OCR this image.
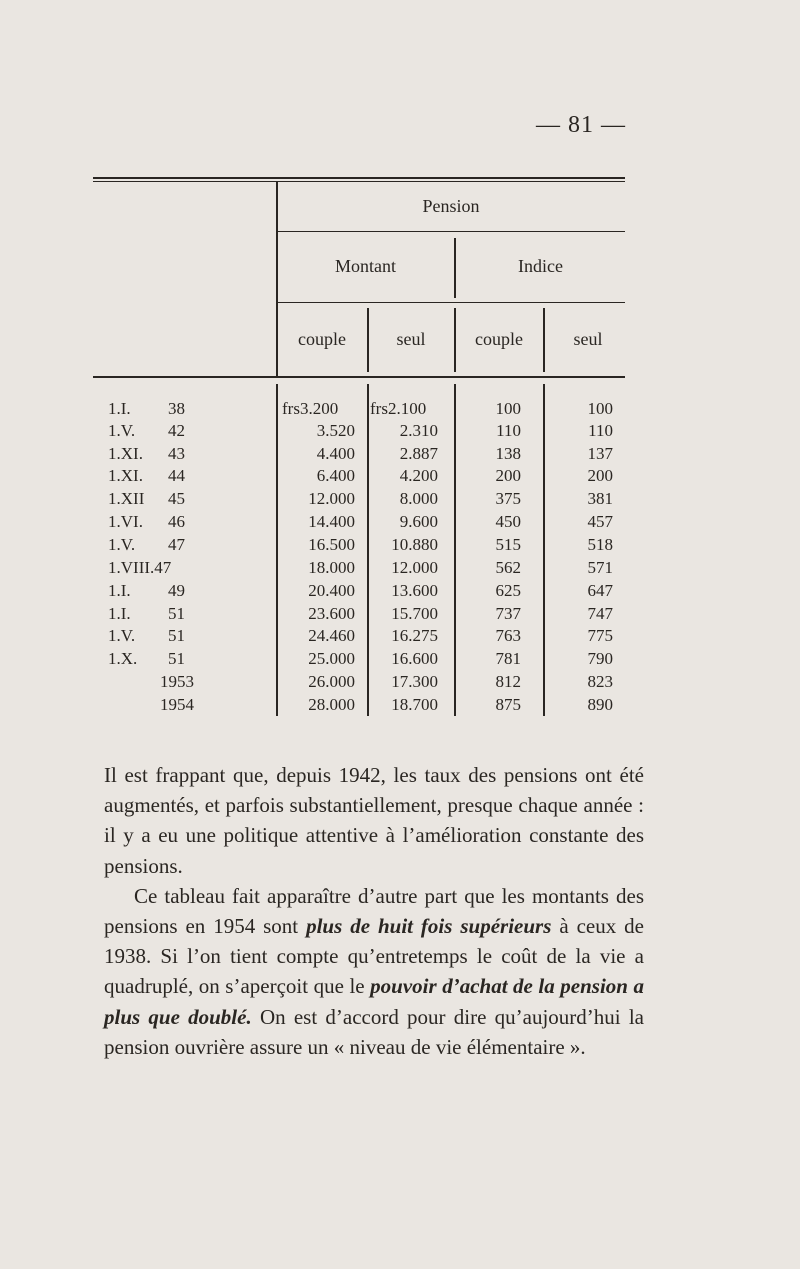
— 81 —
Pension
Montant	Indice
couple	seul	couple	seul
1.I. 38	frs3.200	frs2.100	100	100
1.V. 42	3.520	2.310	110	110
1.XI. 43	4.400	2.887	138	137
1.XI. 44	6.400	4.200	200	200
1.XII 45	12.000	8.000	375	381
1.VI. 46	14.400	9.600	450	457
1.V. 47	16.500	10.880	515	518
1.VIII.47	18.000	12.000	562	571
1.I. 49	20.400	13.600	625	647
1.I. 51	23.600	15.700	737	747
1.V. 51	24.460	16.275	763	775
1.X. 51	25.000	16.600	781	790
1953	26.000	17.300	812	823
1954	28.000	18.700	875	890

Il est frappant que, depuis 1942, les taux des pensions ont été augmentés, et parfois substantiellement, presque chaque année : il y a eu une politique attentive à l’amélioration constante des pensions.

Ce tableau fait apparaître d’autre part que les montants des pensions en 1954 sont plus de huit fois supérieurs à ceux de 1938. Si l’on tient compte qu’entretemps le coût de la vie a quadruplé, on s’aperçoit que le pouvoir d’achat de la pension a plus que doublé. On est d’accord pour dire qu’aujourd’hui la pension ouvrière assure un « niveau de vie élémentaire ».
